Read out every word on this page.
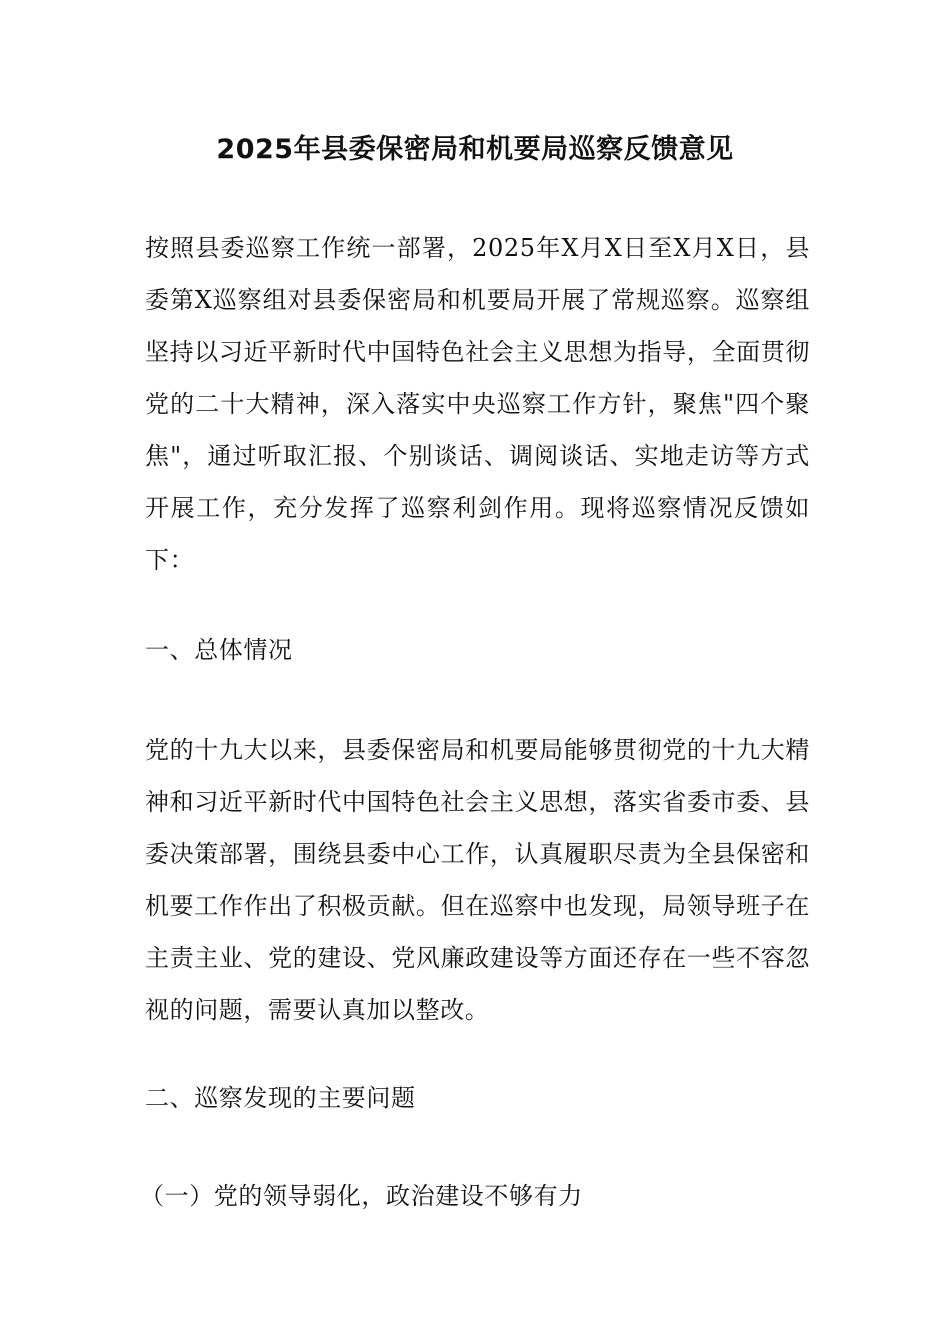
2025年县委保密局和机要局巡察反馈意见

按照县委巡察工作统一部署，2025年X月X日至X月X日，县委第X巡察组对县委保密局和机要局开展了常规巡察。巡察组坚持以习近平新时代中国特色社会主义思想为指导，全面贯彻党的二十大精神，深入落实中央巡察工作方针，聚焦"四个聚焦"，通过听取汇报、个别谈话、调阅谈话、实地走访等方式开展工作，充分发挥了巡察利剑作用。现将巡察情况反馈如下：

一、总体情况

党的十九大以来，县委保密局和机要局能够贯彻党的十九大精神和习近平新时代中国特色社会主义思想，落实省委市委、县委决策部署，围绕县委中心工作，认真履职尽责为全县保密和机要工作作出了积极贡献。但在巡察中也发现，局领导班子在主责主业、党的建设、党风廉政建设等方面还存在一些不容忽视的问题，需要认真加以整改。

二、巡察发现的主要问题

（一）党的领导弱化，政治建设不够有力
